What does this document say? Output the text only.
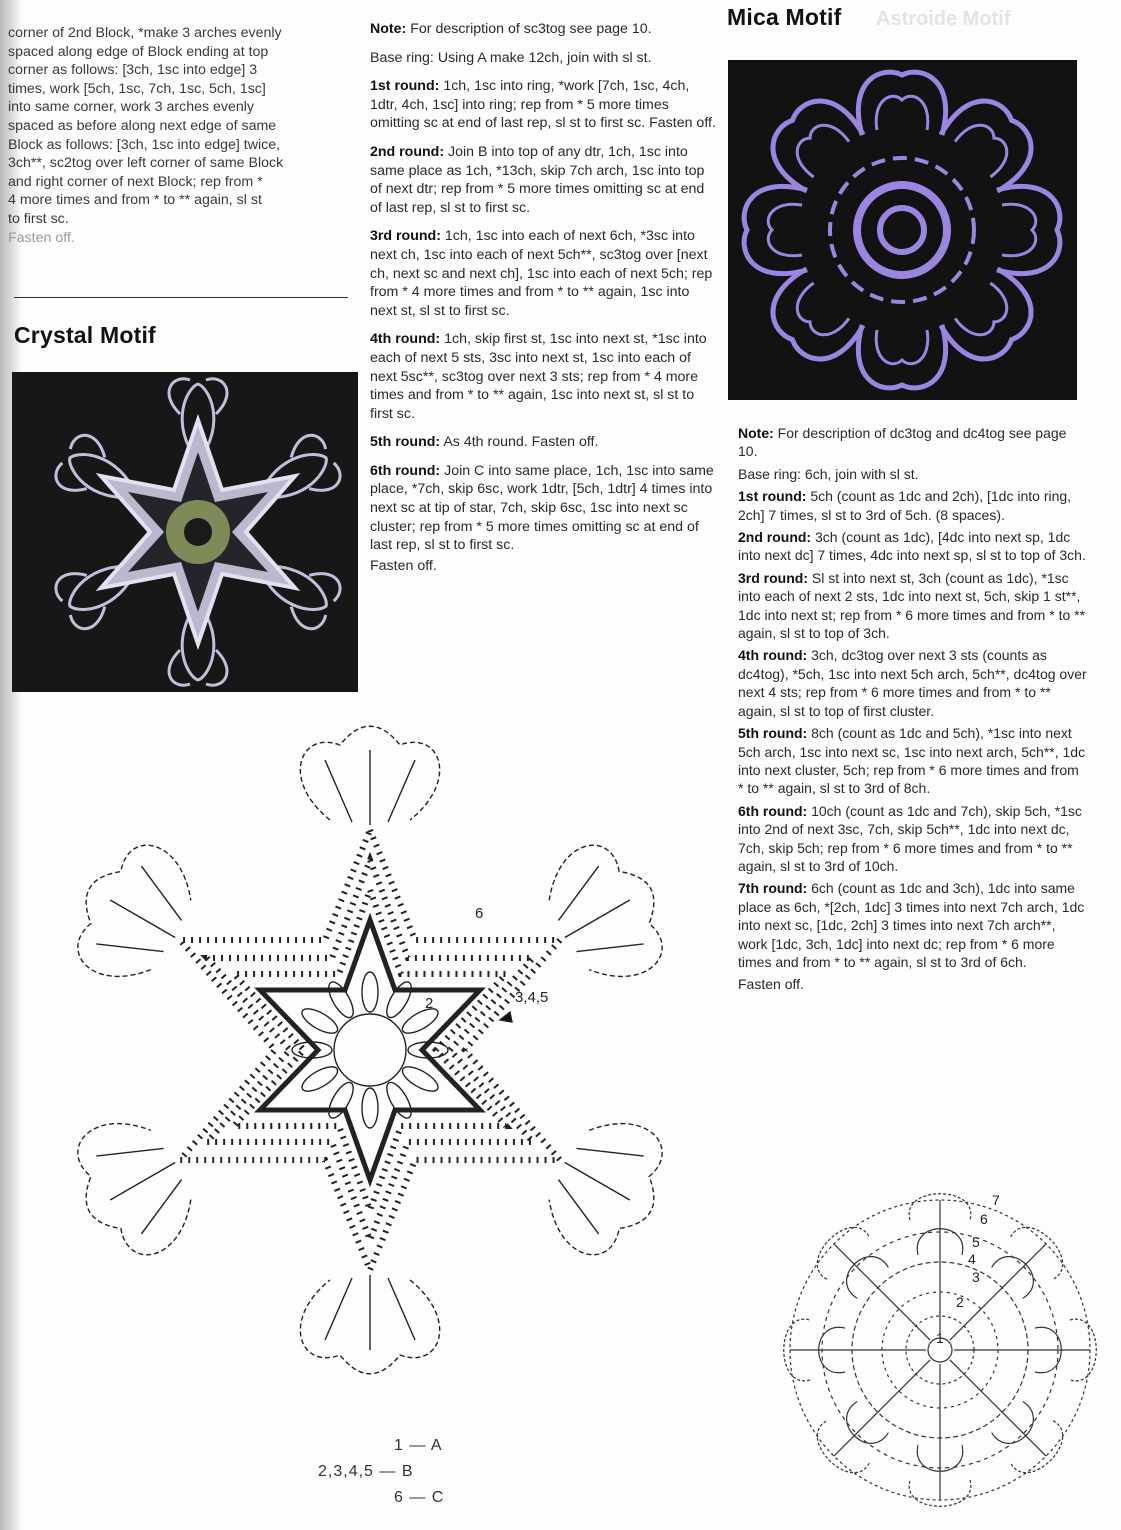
Astroide Motif
corner of 2nd Block, *make 3 arches evenly
spaced along edge of Block ending at top
corner as follows: [3ch, 1sc into edge] 3
times, work [5ch, 1sc, 7ch, 1sc, 5ch, 1sc]
into same corner, work 3 arches evenly
spaced as before along next edge of same
Block as follows: [3ch, 1sc into edge] twice,
3ch**, sc2tog over left corner of same Block
and right corner of next Block; rep from *
4 more times and from * to ** again, sl st
to first sc.
Fasten off.
Crystal Motif

Note: For description of sc3tog see page 10.

Base ring: Using A make 12ch, join with sl st.

1st round: 1ch, 1sc into ring, *work [7ch, 1sc, 4ch, 1dtr, 4ch, 1sc] into ring; rep from * 5 more times omitting sc at end of last rep, sl st to first sc. Fasten off.

2nd round: Join B into top of any dtr, 1ch, 1sc into same place as 1ch, *13ch, skip 7ch arch, 1sc into top of next dtr; rep from * 5 more times omitting sc at end of last rep, sl st to first sc.

3rd round: 1ch, 1sc into each of next 6ch, *3sc into next ch, 1sc into each of next 5ch**, sc3tog over [next ch, next sc and next ch], 1sc into each of next 5ch; rep from * 4 more times and from * to ** again, 1sc into next st, sl st to first sc.

4th round: 1ch, skip first st, 1sc into next st, *1sc into each of next 5 sts, 3sc into next st, 1sc into each of next 5sc**, sc3tog over next 3 sts; rep from * 4 more times and from * to ** again, 1sc into next st, sl st to first sc.

5th round: As 4th round. Fasten off.

6th round: Join C into same place, 1ch, 1sc into same place, *7ch, skip 6sc, work 1dtr, [5ch, 1dtr] 4 times into next sc at tip of star, 7ch, skip 6sc, 1sc into next sc cluster; rep from * 5 more times omitting sc at end of last rep, sl st to first sc.

Fasten off.

2	3,4,5
6
1 — A
2,3,4,5 — B
6 — C
Mica Motif

Note: For description of dc3tog and dc4tog see page 10.

Base ring: 6ch, join with sl st.

1st round: 5ch (count as 1dc and 2ch), [1dc into ring, 2ch] 7 times, sl st to 3rd of 5ch. (8 spaces).

2nd round: 3ch (count as 1dc), [4dc into next sp, 1dc into next dc] 7 times, 4dc into next sp, sl st to top of 3ch.

3rd round: Sl st into next st, 3ch (count as 1dc), *1sc into each of next 2 sts, 1dc into next st, 5ch, skip 1 st**, 1dc into next st; rep from * 6 more times and from * to ** again, sl st to top of 3ch.

4th round: 3ch, dc3tog over next 3 sts (counts as dc4tog), *5ch, 1sc into next 5ch arch, 5ch**, dc4tog over next 4 sts; rep from * 6 more times and from * to ** again, sl st to top of first cluster.

5th round: 8ch (count as 1dc and 5ch), *1sc into next 5ch arch, 1sc into next sc, 1sc into next arch, 5ch**, 1dc into next cluster, 5ch; rep from * 6 more times and from * to ** again, sl st to 3rd of 8ch.

6th round: 10ch (count as 1dc and 7ch), skip 5ch, *1sc into 2nd of next 3sc, 7ch, skip 5ch**, 1dc into next dc, 7ch, skip 5ch; rep from * 6 more times and from * to ** again, sl st to 3rd of 10ch.

7th round: 6ch (count as 1dc and 3ch), 1dc into same place as 6ch, *[2ch, 1dc] 3 times into next 7ch arch, 1dc into next sc, [1dc, 2ch] 3 times into next 7ch arch**, work [1dc, 3ch, 1dc] into next dc; rep from * 6 more times and from * to ** again, sl st to 3rd of 6ch.

Fasten off.

7
6
5
4
3
2
1
